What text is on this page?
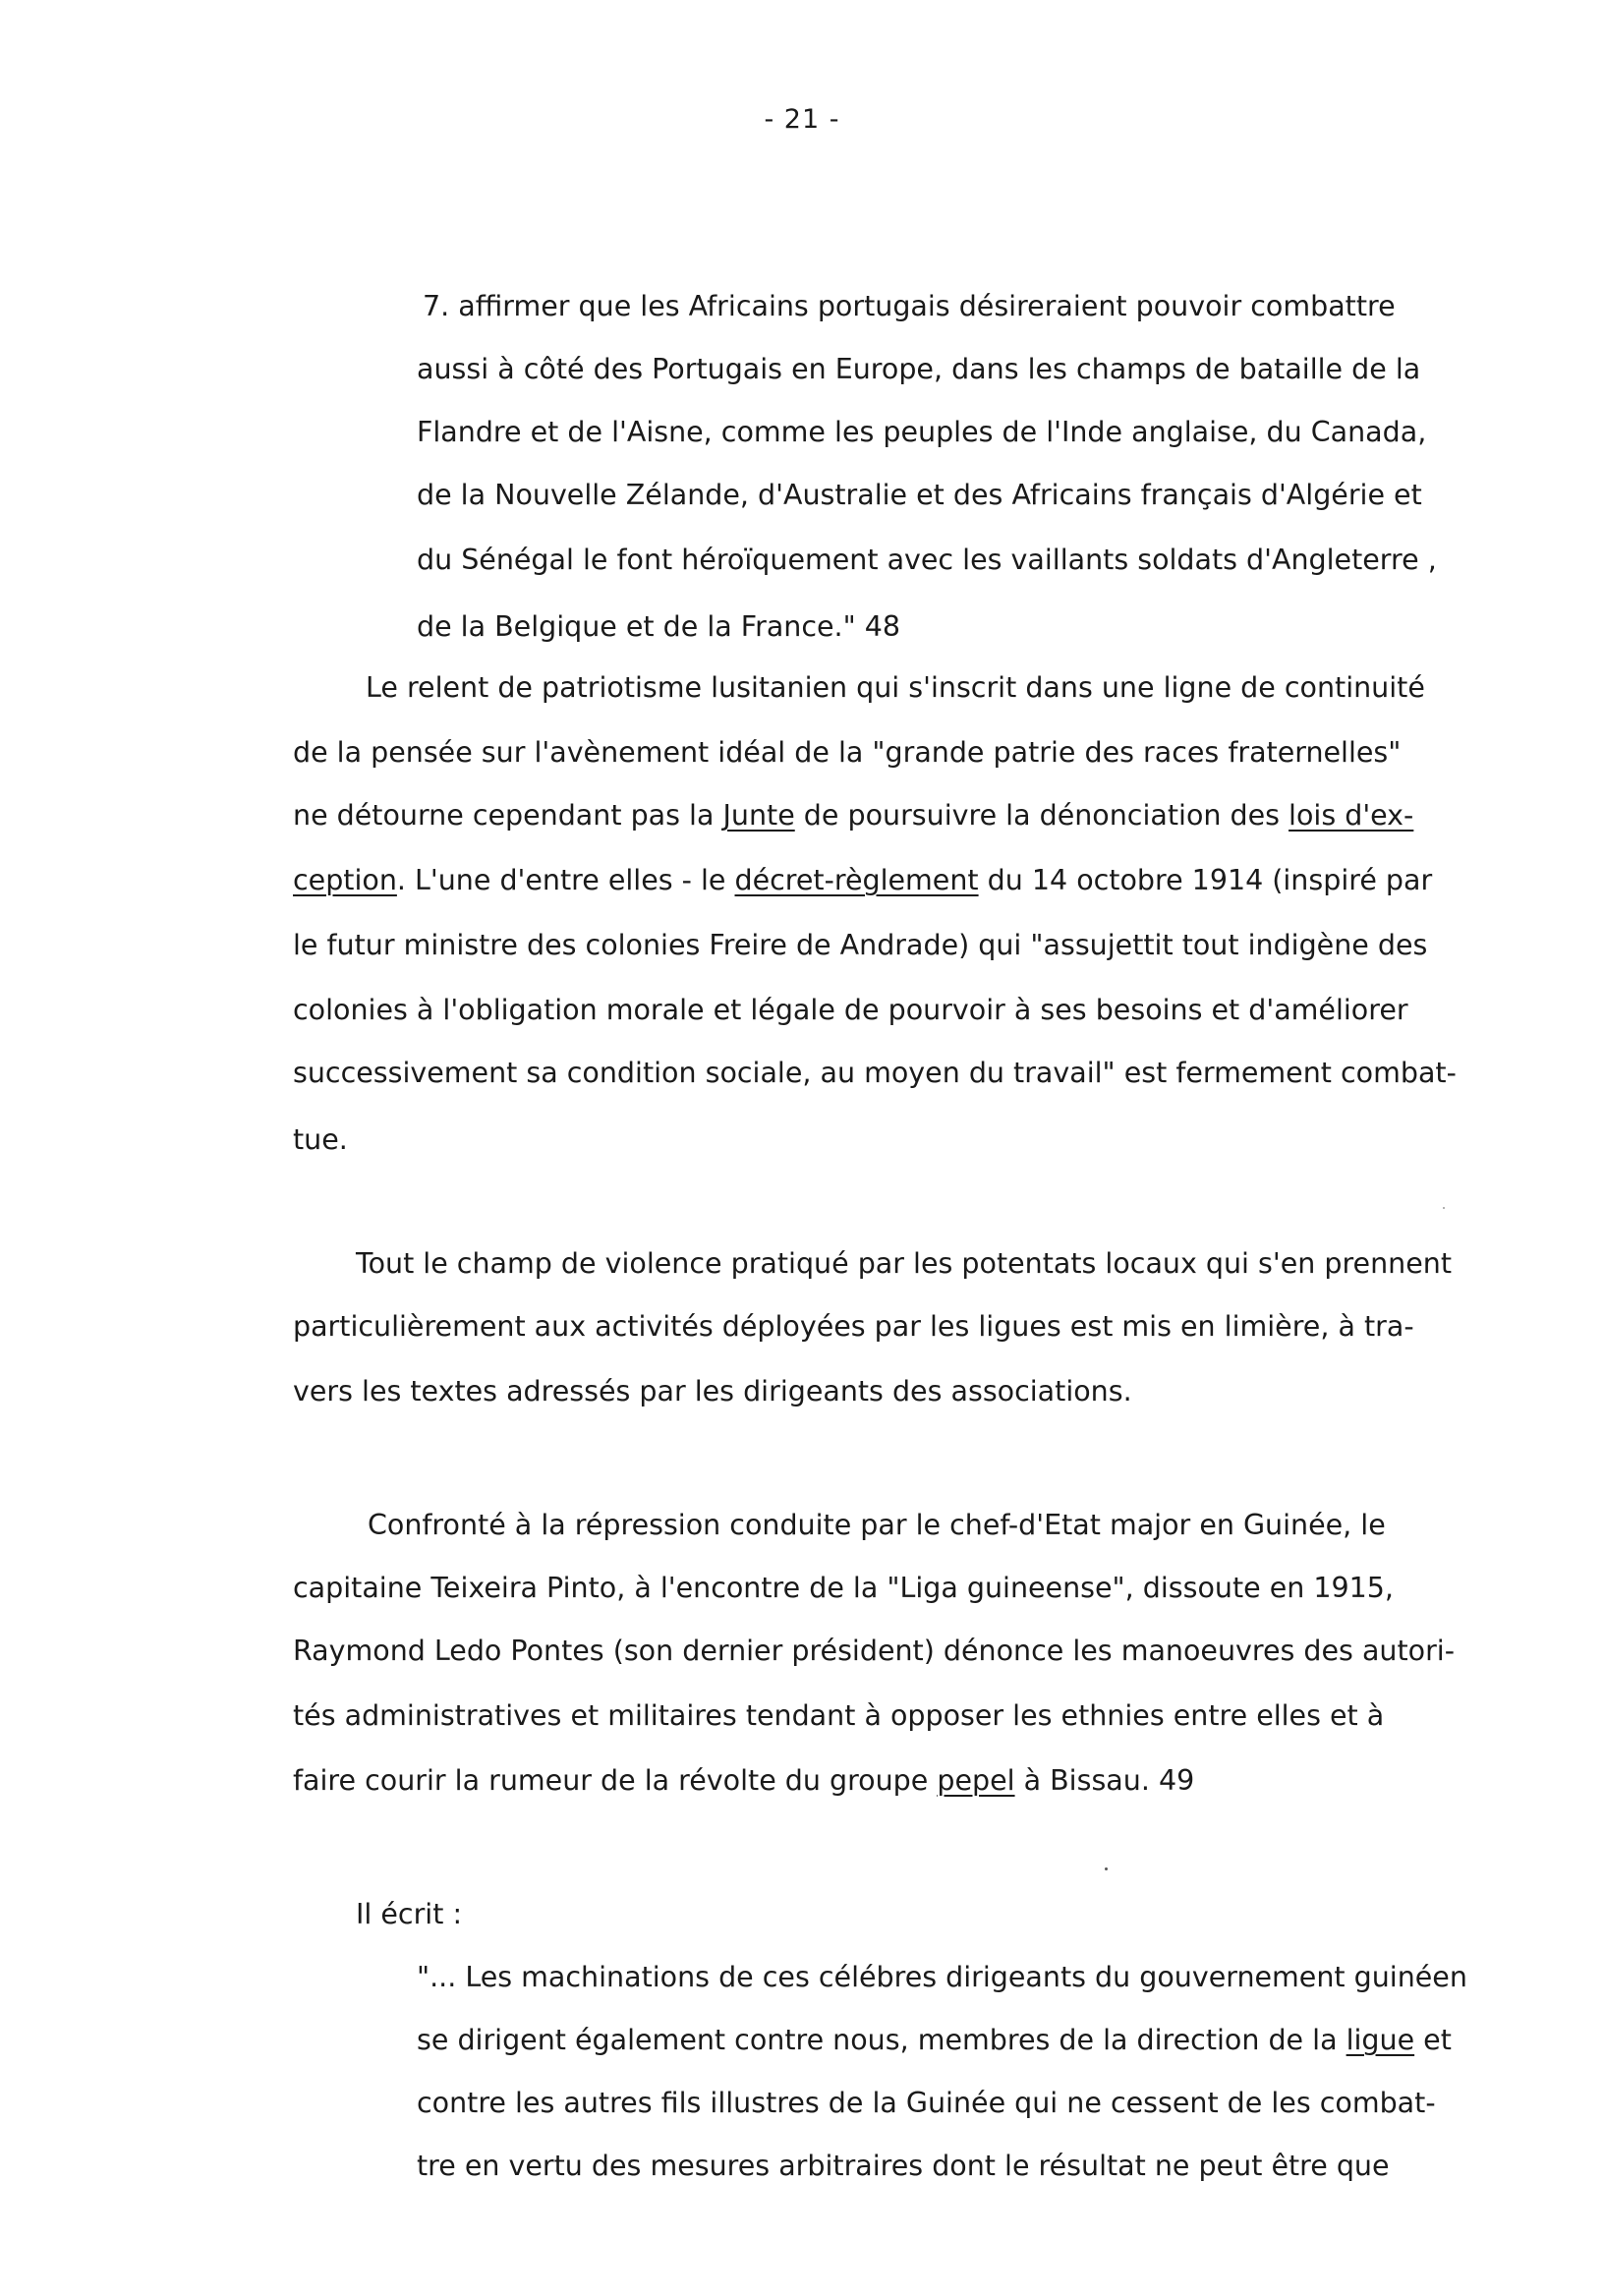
- 21 -
7. affirmer que les Africains portugais désireraient pouvoir combattre
aussi à côté des Portugais en Europe, dans les champs de bataille de la
Flandre et de l'Aisne, comme les peuples de l'Inde anglaise, du Canada,
de la Nouvelle Zélande, d'Australie et des Africains français d'Algérie et
du Sénégal le font héroïquement avec les vaillants soldats d'Angleterre ,
de la Belgique et de la France." 48
Le relent de patriotisme lusitanien qui s'inscrit dans une ligne de continuité
de la pensée sur l'avènement idéal de la "grande patrie des races fraternelles"
ne détourne cependant pas la Junte de poursuivre la dénonciation des lois d'ex-
ception. L'une d'entre elles - le décret-règlement du 14 octobre 1914 (inspiré par
le futur ministre des colonies Freire de Andrade) qui "assujettit tout indigène des
colonies à l'obligation morale et légale de pourvoir à ses besoins et d'améliorer
successivement sa condition sociale, au moyen du travail" est fermement combat-
tue.
Tout le champ de violence pratiqué par les potentats locaux qui s'en prennent
particulièrement aux activités déployées par les ligues est mis en limière, à tra-
vers les textes adressés par les dirigeants des associations.
Confronté à la répression conduite par le chef-d'Etat major en Guinée, le
capitaine Teixeira Pinto, à l'encontre de la "Liga guineense", dissoute en 1915,
Raymond Ledo Pontes (son dernier président) dénonce les manoeuvres des autori-
tés administratives et militaires tendant à opposer les ethnies entre elles et à
faire courir la rumeur de la révolte du groupe pepel à Bissau. 49
Il écrit :
"... Les machinations de ces célébres dirigeants du gouvernement guinéen
se dirigent également contre nous, membres de la direction de la ligue et
contre les autres fils illustres de la Guinée qui ne cessent de les combat-
tre en vertu des mesures arbitraires dont le résultat ne peut être que
